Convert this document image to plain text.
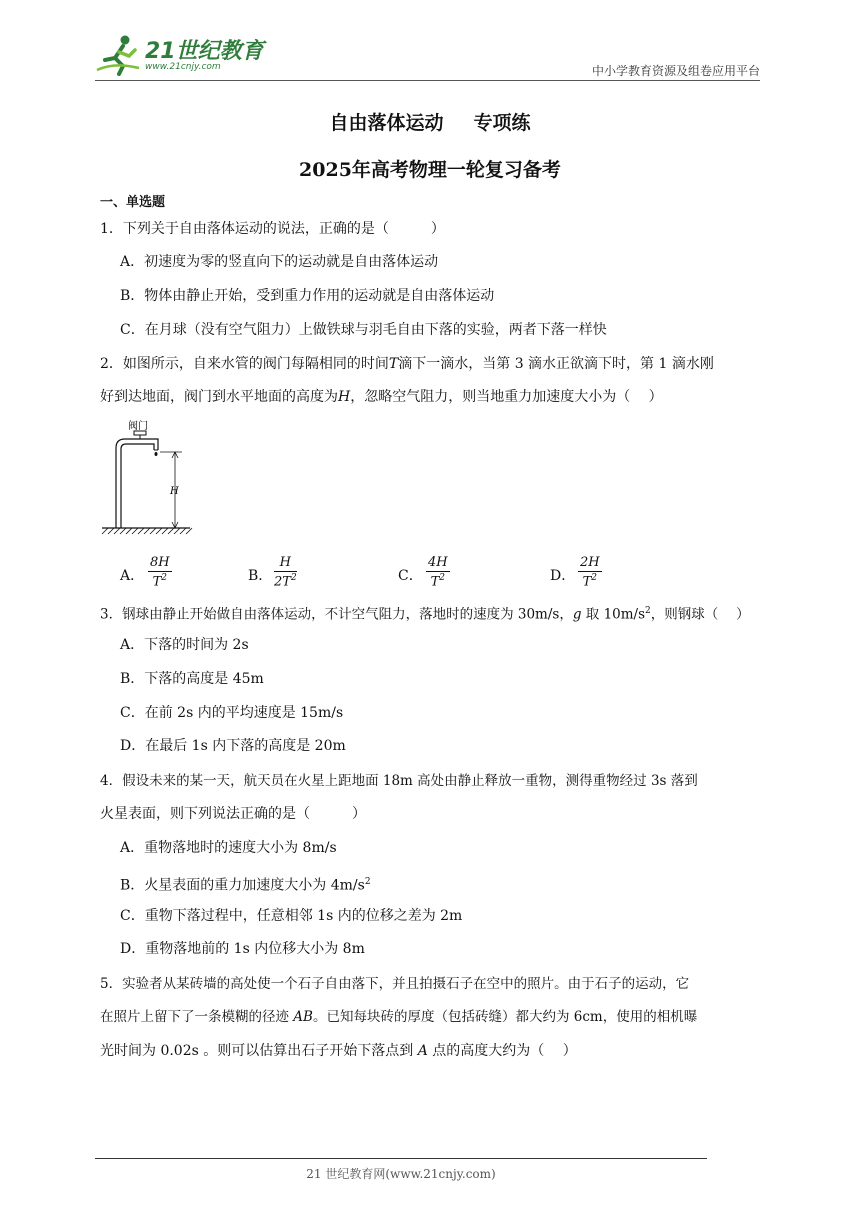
21世纪教育
www.21cnjy.com	中小学教育资源及组卷应用平台
自由落体运动 专项练
2025年高考物理一轮复习备考
一、单选题
1．下列关于自由落体运动的说法，正确的是（　　　）
A．初速度为零的竖直向下的运动就是自由落体运动
B．物体由静止开始，受到重力作用的运动就是自由落体运动
C．在月球（没有空气阻力）上做铁球与羽毛自由下落的实验，两者下落一样快
2．如图所示，自来水管的阀门每隔相同的时间T滴下一滴水，当第 3 滴水正欲滴下时，第 1 滴水刚
好到达地面，阀门到水平地面的高度为H，忽略空气阻力，则当地重力加速度大小为（　 ）
阀门
H
A．
8H
$T^2$	B．
H
$2T^2$	C．
4H
$T^2$	D．
2H
$T^2$
3．钢球由静止开始做自由落体运动，不计空气阻力，落地时的速度为 30m/s，g 取 $10m/s^2$，则钢球（　 ）
A．下落的时间为 2s
B．下落的高度是 45m
C．在前 2s 内的平均速度是 15m/s
D．在最后 1s 内下落的高度是 20m
4．假设未来的某一天，航天员在火星上距地面 18m 高处由静止释放一重物，测得重物经过 3s 落到
火星表面，则下列说法正确的是（　　　）
A．重物落地时的速度大小为 8m/s
B．火星表面的重力加速度大小为 $4m/s^2$
C．重物下落过程中，任意相邻 1s 内的位移之差为 2m
D．重物落地前的 1s 内位移大小为 8m
5．实验者从某砖墙的高处使一个石子自由落下，并且拍摄石子在空中的照片。由于石子的运动，它
在照片上留下了一条模糊的径迹 AB。已知每块砖的厚度（包括砖缝）都大约为 6cm，使用的相机曝
光时间为 0.02s 。则可以估算出石子开始下落点到 A 点的高度大约为（　 ）
21 世纪教育网(www.21cnjy.com)
